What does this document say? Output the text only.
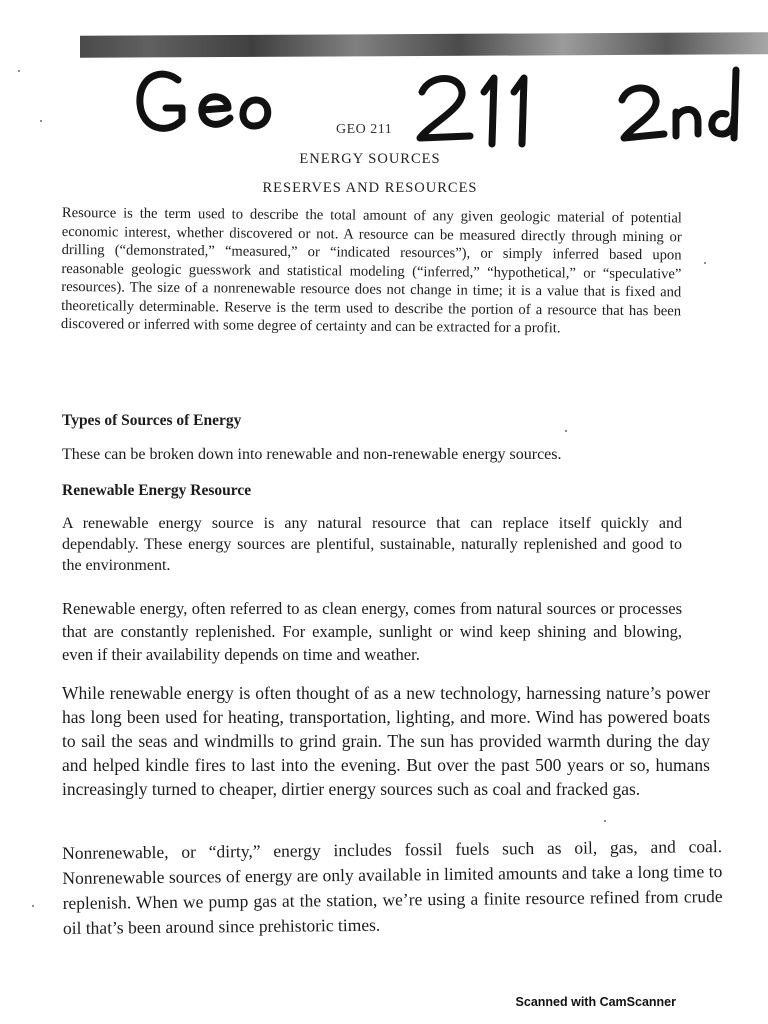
GEO 211
ENERGY SOURCES
RESERVES AND RESOURCES
Resource is the term used to describe the total amount of any given geologic material of potential economic interest, whether discovered or not. A resource can be measured directly through mining or drilling (“demonstrated,” “measured,” or “indicated resources”), or simply inferred based upon reasonable geologic guesswork and statistical modeling (“inferred,” “hypothetical,” or “speculative” resources). The size of a nonrenewable resource does not change in time; it is a value that is fixed and theoretically determinable. Reserve is the term used to describe the portion of a resource that has been discovered or inferred with some degree of certainty and can be extracted for a profit.
Types of Sources of Energy
These can be broken down into renewable and non-renewable energy sources.
Renewable Energy Resource
A renewable energy source is any natural resource that can replace itself quickly and dependably. These energy sources are plentiful, sustainable, naturally replenished and good to the environment.
Renewable energy, often referred to as clean energy, comes from natural sources or processes that are constantly replenished. For example, sunlight or wind keep shining and blowing, even if their availability depends on time and weather.
While renewable energy is often thought of as a new technology, harnessing nature’s power has long been used for heating, transportation, lighting, and more. Wind has powered boats to sail the seas and windmills to grind grain. The sun has provided warmth during the day and helped kindle fires to last into the evening. But over the past 500 years or so, humans increasingly turned to cheaper, dirtier energy sources such as coal and fracked gas.
Nonrenewable, or “dirty,” energy includes fossil fuels such as oil, gas, and coal. Nonrenewable sources of energy are only available in limited amounts and take a long time to replenish. When we pump gas at the station, we’re using a finite resource refined from crude oil that’s been around since prehistoric times.
Scanned with CamScanner
